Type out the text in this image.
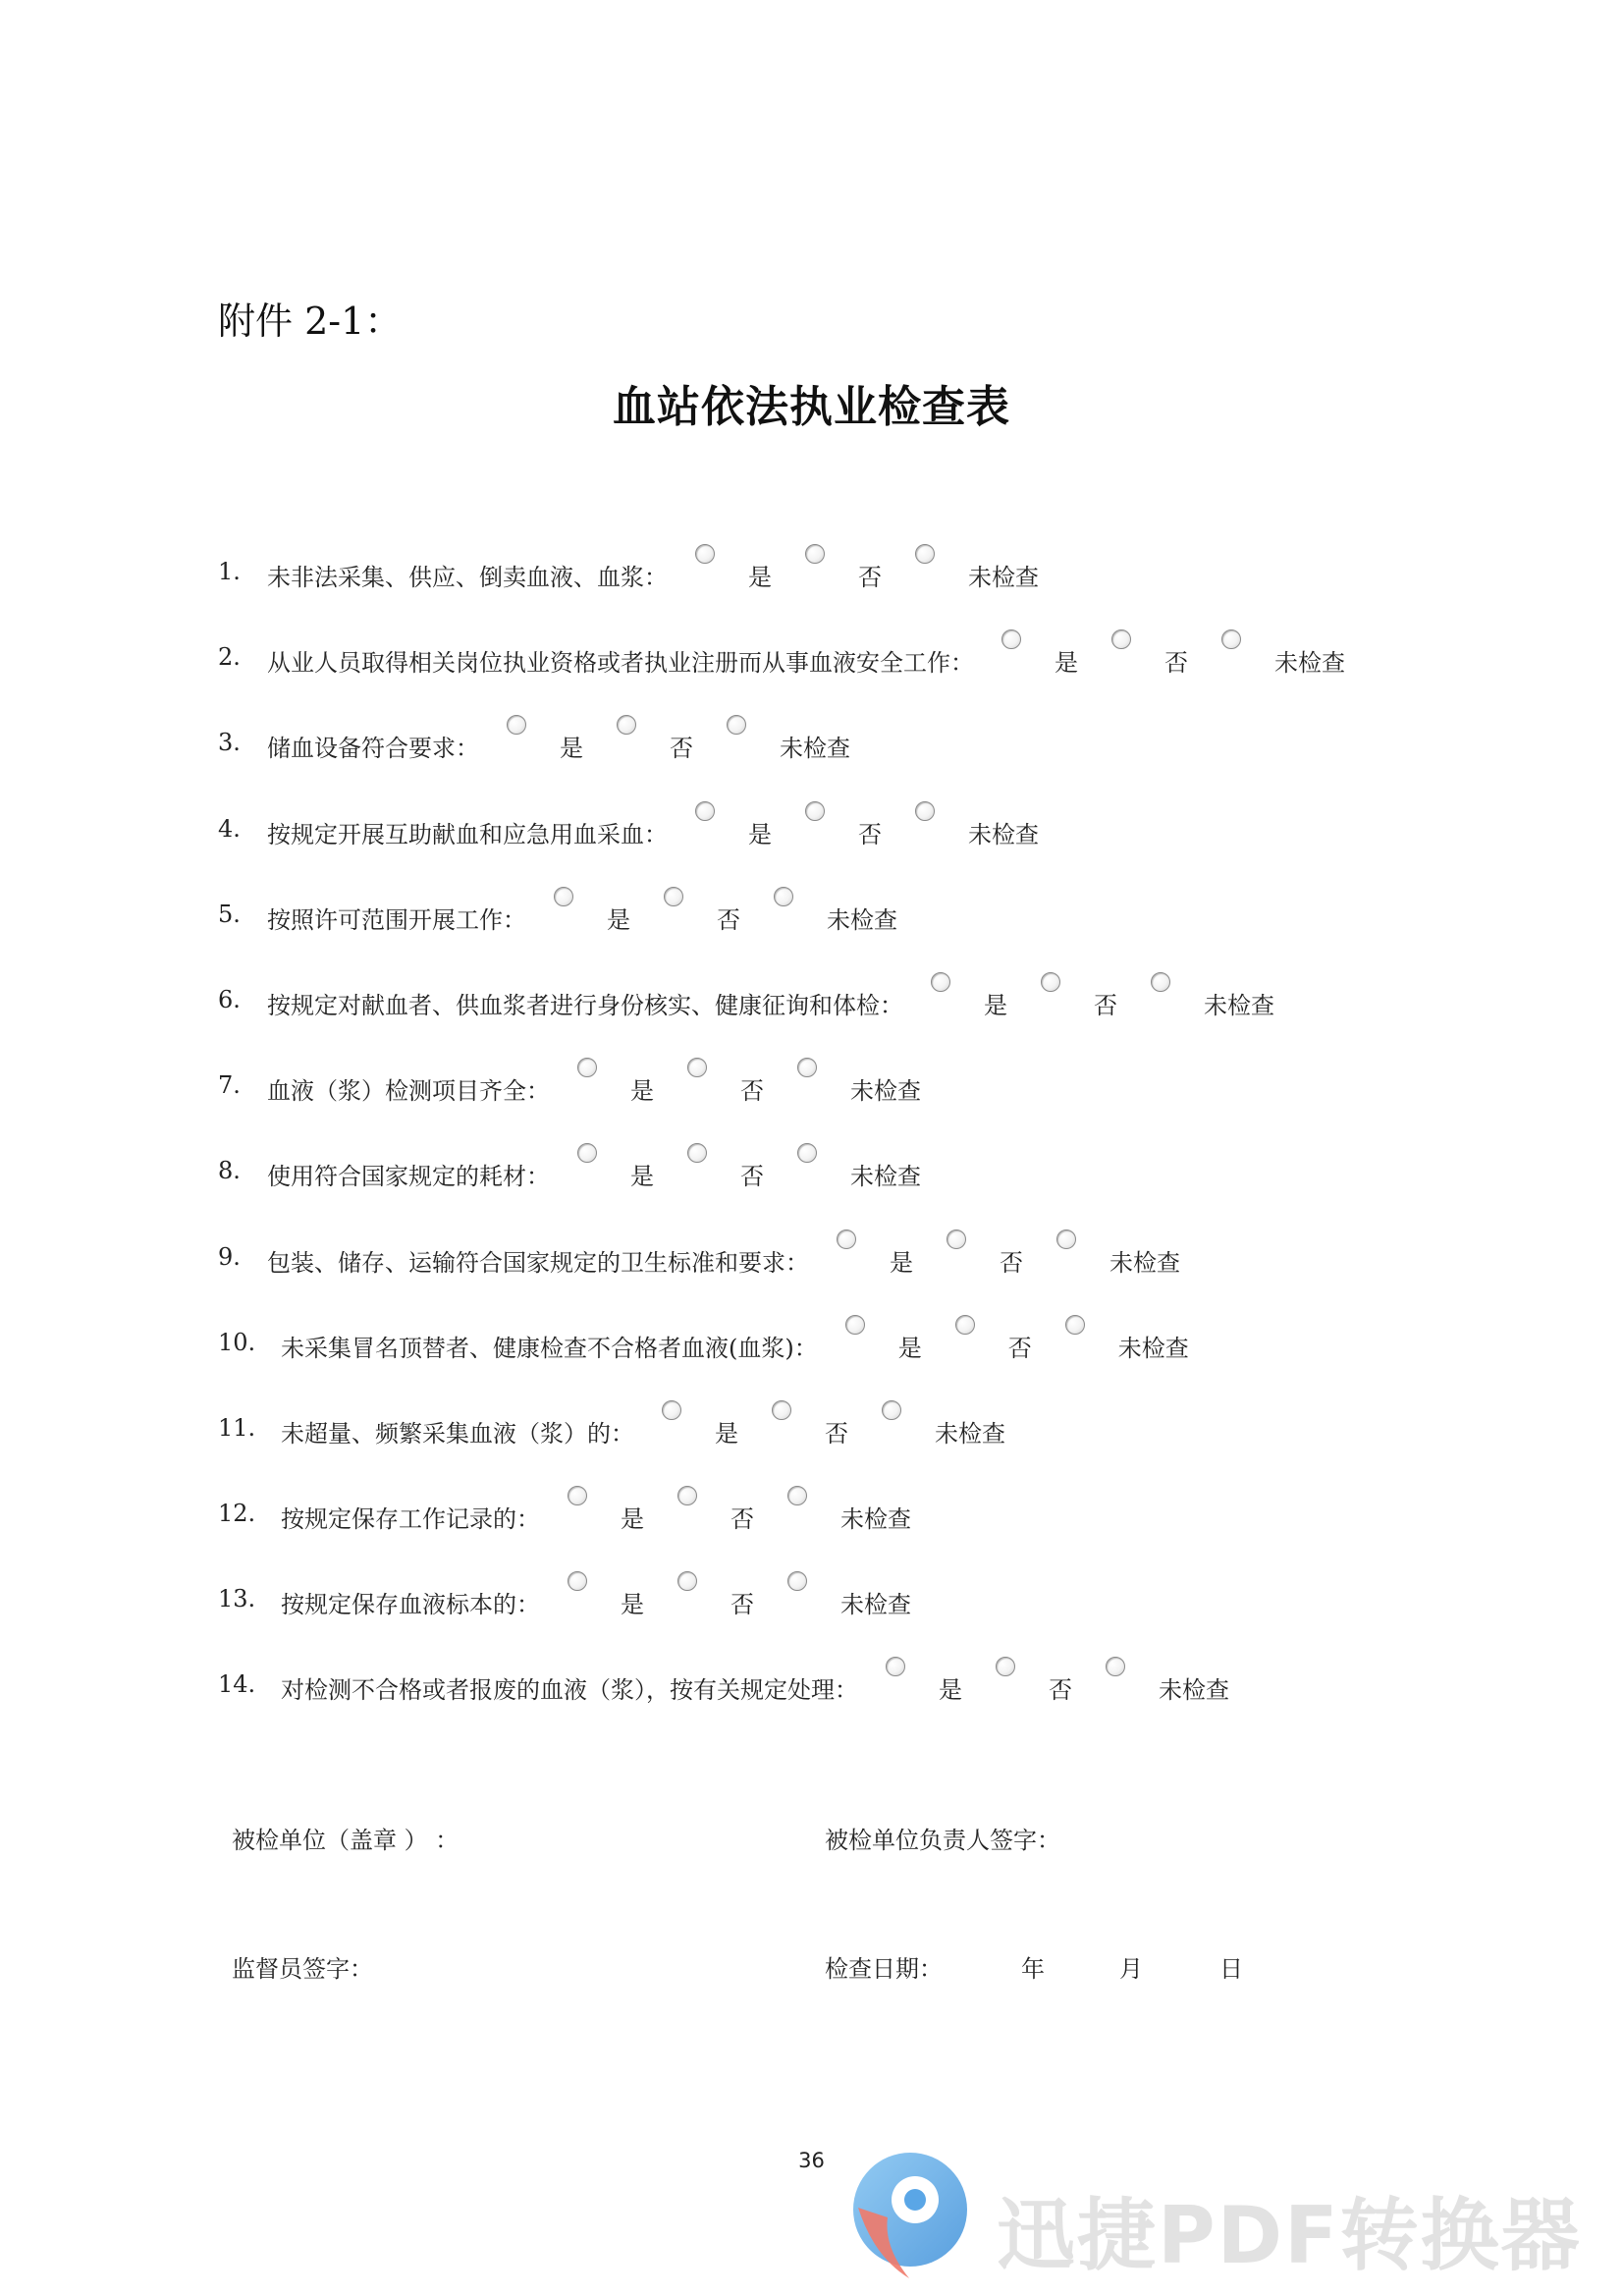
附件 2-1：
血站依法执业检查表
1.	未非法采集、供应、倒卖血液、血浆：	是	否	未检查
2.	从业人员取得相关岗位执业资格或者执业注册而从事血液安全工作：	是	否	未检查
3.	储血设备符合要求：	是	否	未检查
4.	按规定开展互助献血和应急用血采血：	是	否	未检查
5.	按照许可范围开展工作：	是	否	未检查
6.	按规定对献血者、供血浆者进行身份核实、健康征询和体检：	是	否	未检查
7.	血液（浆）检测项目齐全：	是	否	未检查
8.	使用符合国家规定的耗材：	是	否	未检查
9.	包装、储存、运输符合国家规定的卫生标准和要求：	是	否	未检查
10.	未采集冒名顶替者、健康检查不合格者血液(血浆)：	是	否	未检查
11.	未超量、频繁采集血液（浆）的：	是	否	未检查
12.	按规定保存工作记录的：	是	否	未检查
13.	按规定保存血液标本的：	是	否	未检查
14.	对检测不合格或者报废的血液（浆），按有关规定处理：	是	否	未检查
被检单位（盖章 ） ：	被检单位负责人签字：
监督员签字：	检查日期：	年	月	日
36
迅捷PDF转换器
